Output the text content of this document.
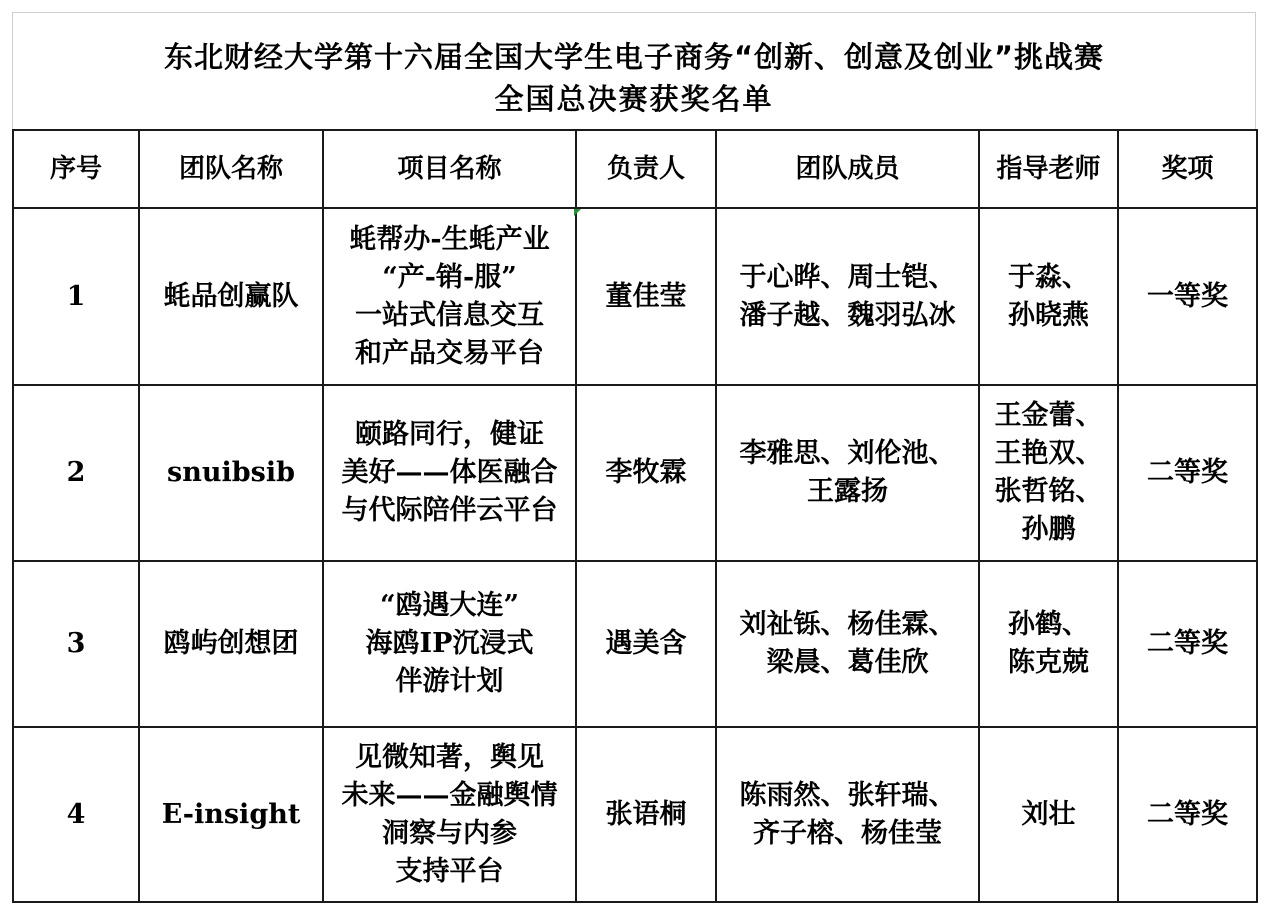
东北财经大学第十六届全国大学生电子商务“创新、创意及创业”挑战赛
全国总决赛获奖名单
序号	团队名称	项目名称	负责人	团队成员	指导老师	奖项
1	蚝品创赢队	蚝帮办-生蚝产业
“产-销-服”
一站式信息交互
和产品交易平台	董佳莹	于心晔、周士铠、
潘子越、魏羽弘冰	于淼、
孙晓燕	一等奖
2	snuibsib	颐路同行，健证
美好——体医融合
与代际陪伴云平台	李牧霖	李雅思、刘伦池、
王露扬	王金蕾、
王艳双、
张哲铭、
孙鹏	二等奖
3	鸥屿创想团	“鸥遇大连”
海鸥IP沉浸式
伴游计划	遇美含	刘祉铄、杨佳霖、
梁晨、葛佳欣	孙鹤、
陈克兢	二等奖
4	E-insight	见微知著，舆见
未来——金融舆情
洞察与内参
支持平台	张语桐	陈雨然、张轩瑞、
齐子榕、杨佳莹	刘壮	二等奖
